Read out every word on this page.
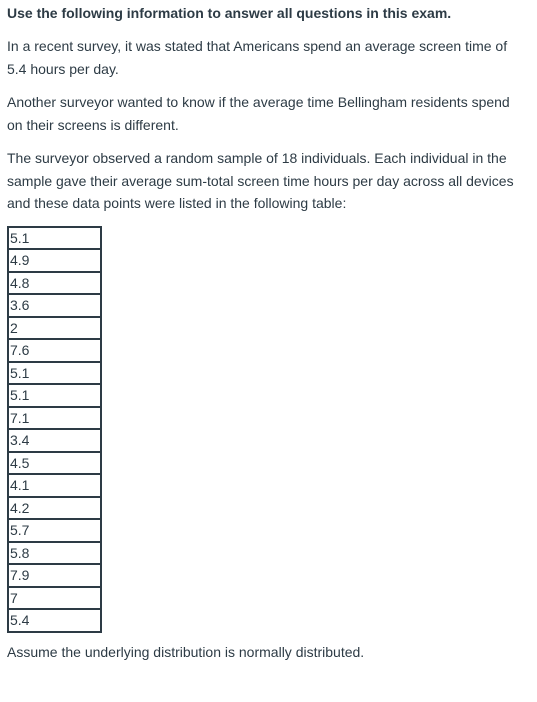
Use the following information to answer all questions in this exam.

In a recent survey, it was stated that Americans spend an average screen time of 5.4 hours per day.

Another surveyor wanted to know if the average time Bellingham residents spend on their screens is different.

The surveyor observed a random sample of 18 individuals. Each individual in the sample gave their average sum-total screen time hours per day across all devices and these data points were listed in the following table:

5.1
4.9
4.8
3.6
2
7.6
5.1
5.1
7.1
3.4
4.5
4.1
4.2
5.7
5.8
7.9
7
5.4

Assume the underlying distribution is normally distributed.
